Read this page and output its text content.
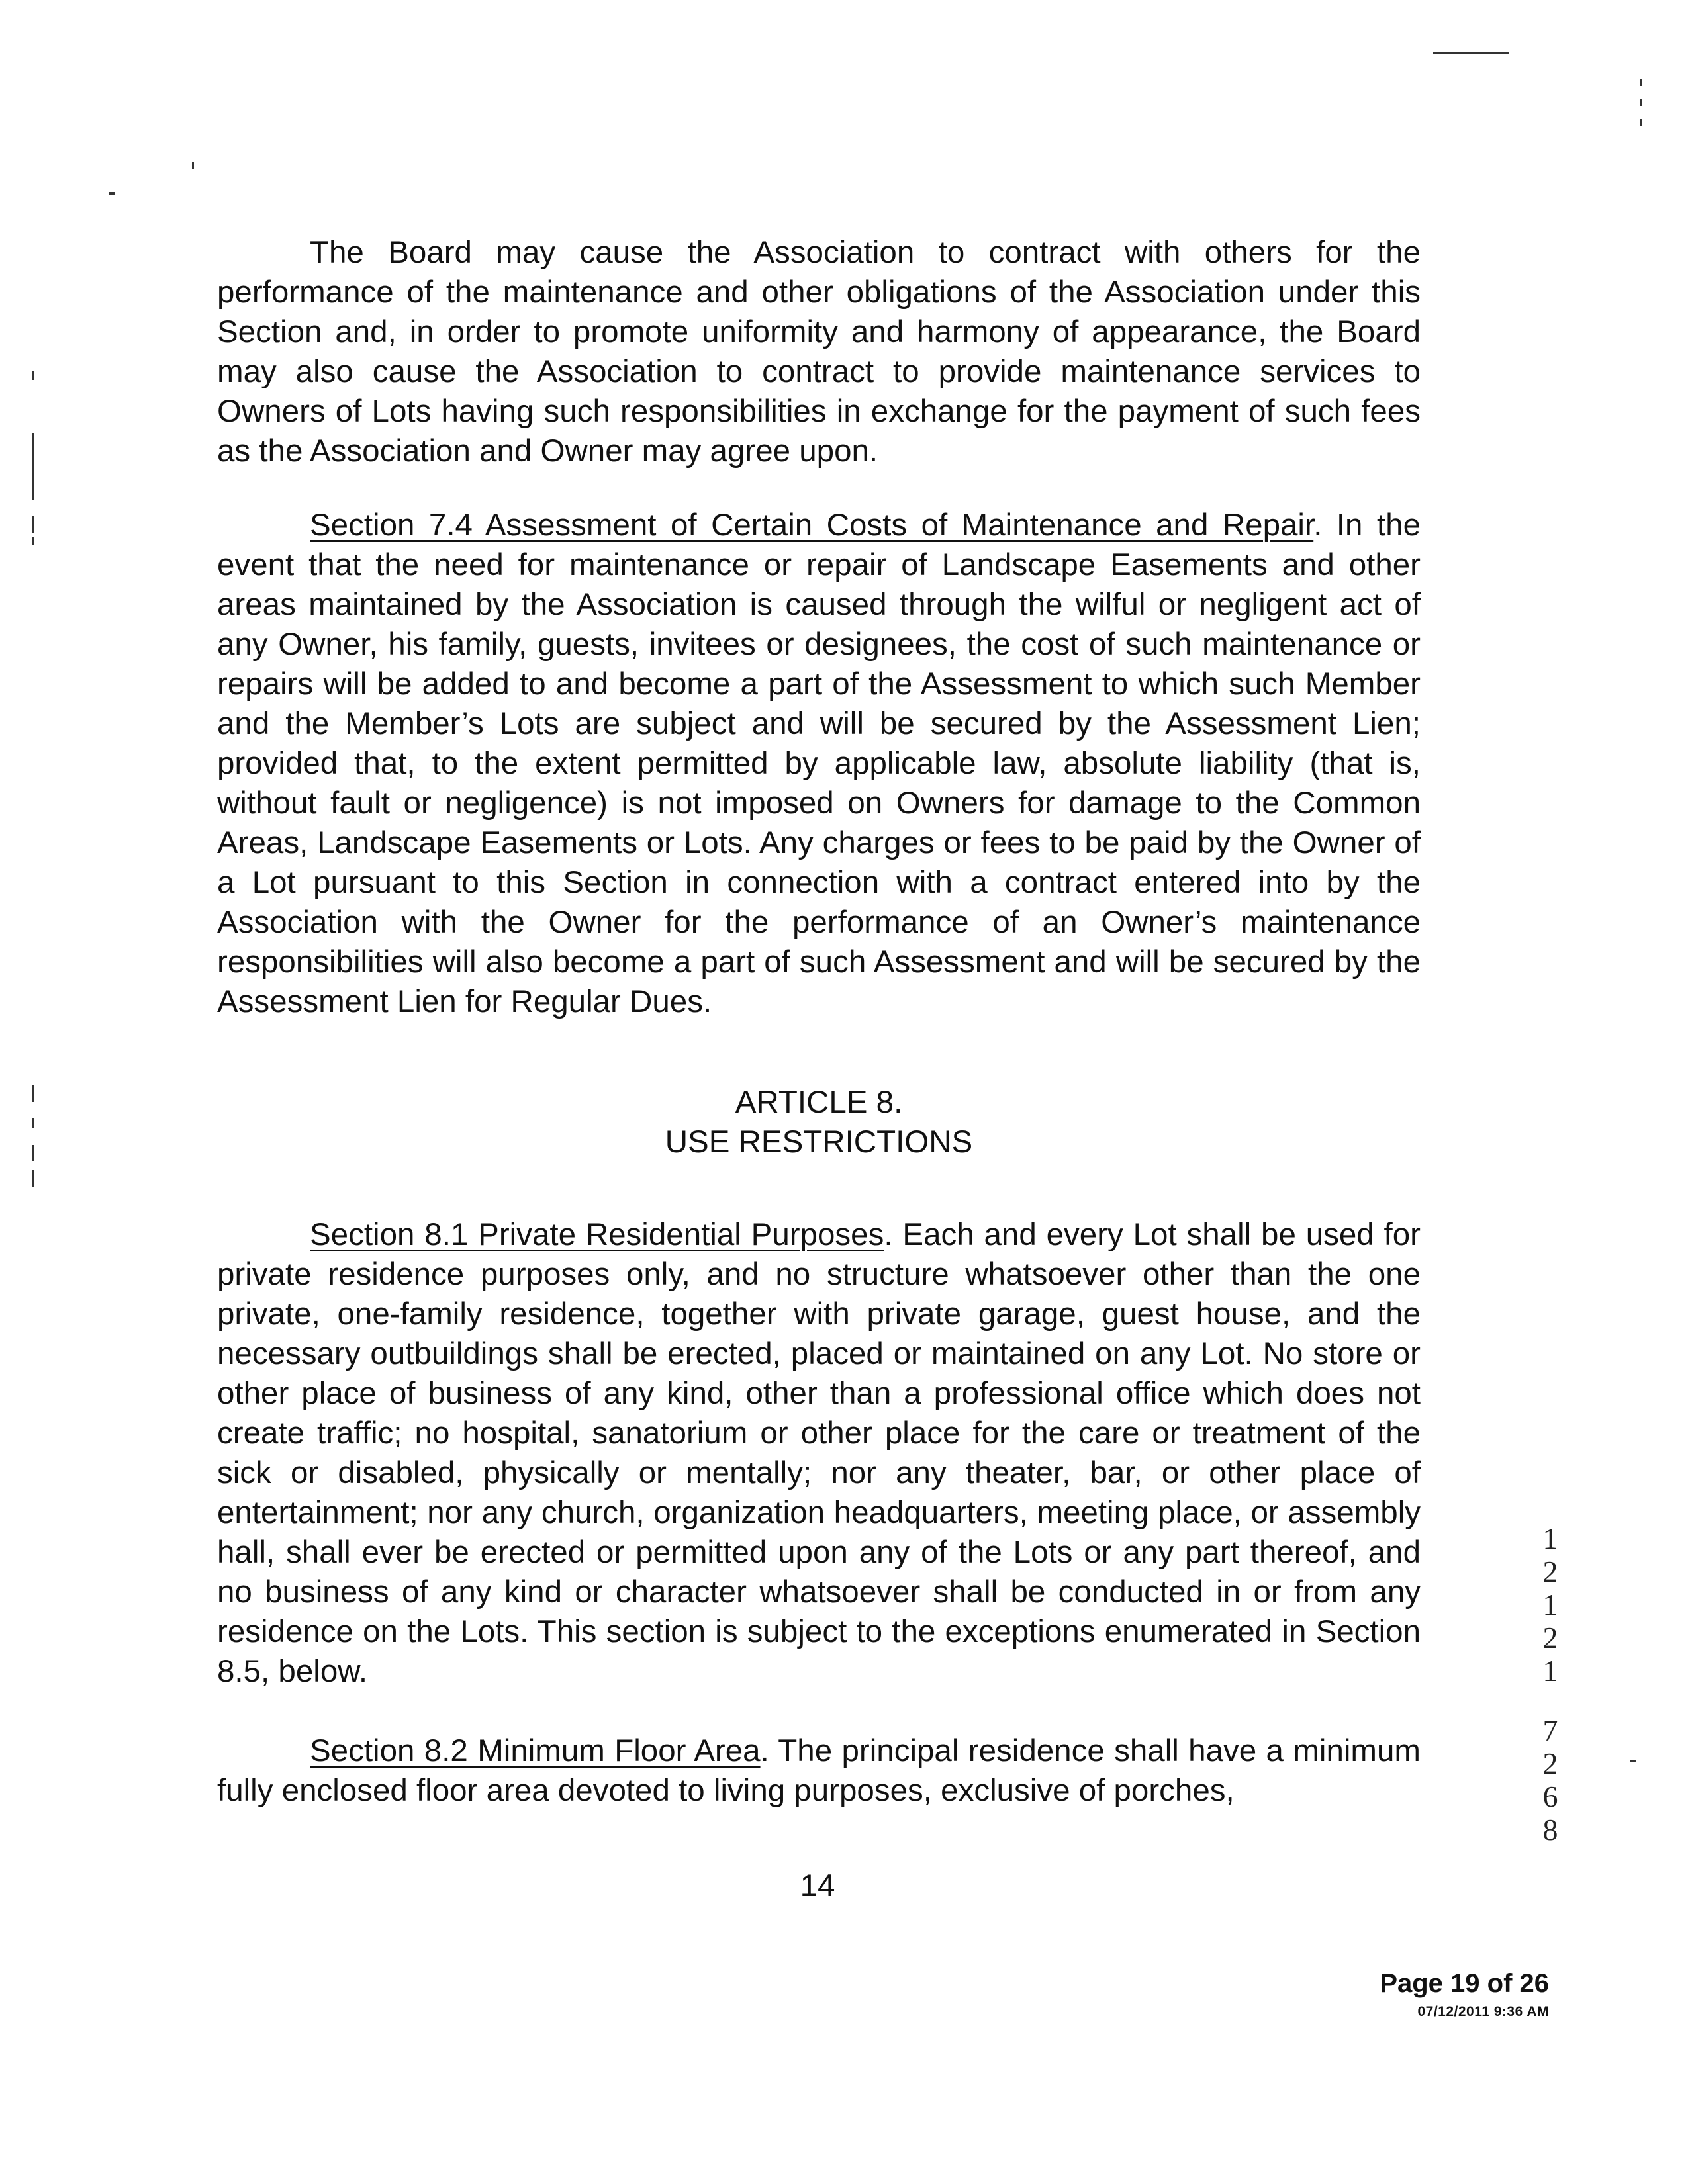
The Board may cause the Association to contract with others for the performance of the maintenance and other obligations of the Association under this Section and, in order to promote uniformity and harmony of appearance, the Board may also cause the Association to contract to provide maintenance services to Owners of Lots having such responsibilities in exchange for the payment of such fees as the Association and Owner may agree upon.

Section 7.4 Assessment of Certain Costs of Maintenance and Repair. In the event that the need for maintenance or repair of Landscape Easements and other areas maintained by the Association is caused through the wilful or negligent act of any Owner, his family, guests, invitees or designees, the cost of such maintenance or repairs will be added to and become a part of the Assessment to which such Member and the Member’s Lots are subject and will be secured by the Assessment Lien; provided that, to the extent permitted by applicable law, absolute liability (that is, without fault or negligence) is not imposed on Owners for damage to the Common Areas, Landscape Easements or Lots. Any charges or fees to be paid by the Owner of a Lot pursuant to this Section in connection with a contract entered into by the Association with the Owner for the performance of an Owner’s maintenance responsibilities will also become a part of such Assessment and will be secured by the Assessment Lien for Regular Dues.

ARTICLE 8.
USE RESTRICTIONS

Section 8.1 Private Residential Purposes. Each and every Lot shall be used for private residence purposes only, and no structure whatsoever other than the one private, one-family residence, together with private garage, guest house, and the necessary outbuildings shall be erected, placed or maintained on any Lot. No store or other place of business of any kind, other than a professional office which does not create traffic; no hospital, sanatorium or other place for the care or treatment of the sick or disabled, physically or mentally; nor any theater, bar, or other place of entertainment; nor any church, organization headquarters, meeting place, or assembly hall, shall ever be erected or permitted upon any of the Lots or any part thereof, and no business of any kind or character whatsoever shall be conducted in or from any residence on the Lots. This section is subject to the exceptions enumerated in Section 8.5, below.

Section 8.2 Minimum Floor Area. The principal residence shall have a minimum fully enclosed floor area devoted to living purposes, exclusive of porches,

14
Page 19 of 26
07/12/2011 9:36 AM
1
2
1
2
1
7
2
6
8
